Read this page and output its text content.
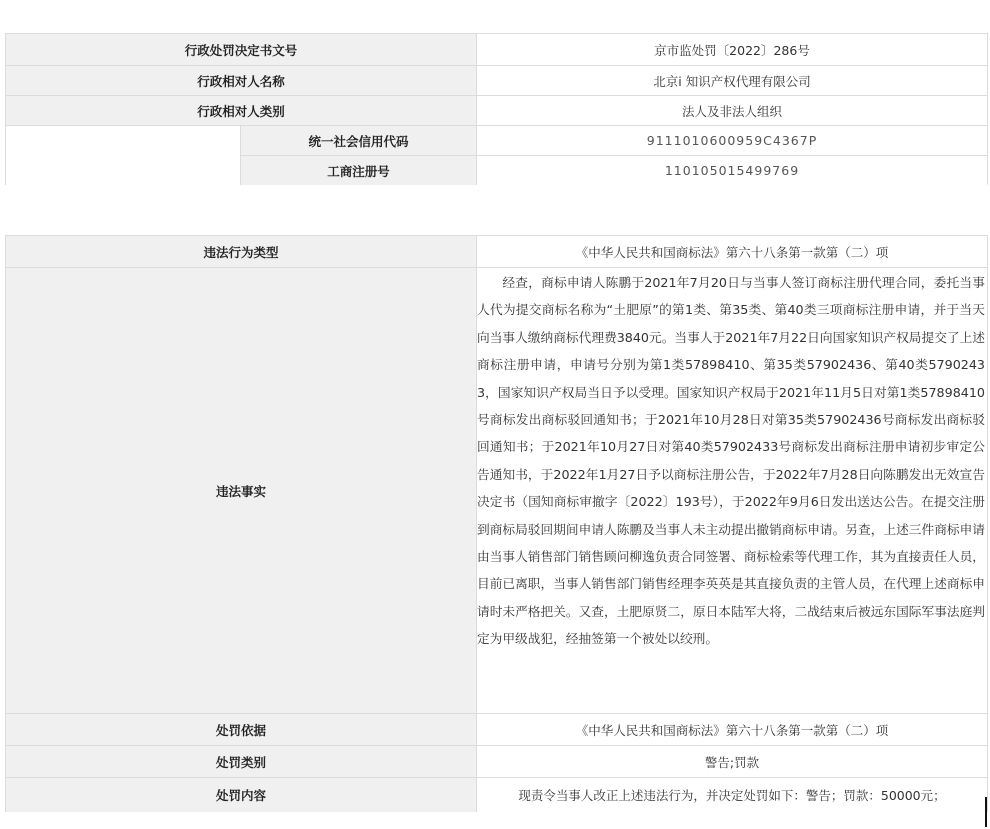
行政处罚决定书文号		京市监处罚〔2022〕286号
行政相对人名称		北京i 知识产权代理有限公司
行政相对人类别		法人及非法人组织
	统一社会信用代码	9111010600959C4367P
	工商注册号	110105015499769
违法行为类型	《中华人民共和国商标法》第六十八条第一款第（二）项
违法事实	经查，商标申请人陈鹏于2021年7月20日与当事人签订商标注册代理合同，委托当事人代为提交商标名称为“土肥原”的第1类、第35类、第40类三项商标注册申请，并于当天向当事人缴纳商标代理费3840元。当事人于2021年7月22日向国家知识产权局提交了上述商标注册申请，申请号分别为第1类57898410、第35类57902436、第40类57902433，国家知识产权局当日予以受理。国家知识产权局于2021年11月5日对第1类57898410号商标发出商标驳回通知书；于2021年10月28日对第35类57902436号商标发出商标驳回通知书；于2021年10月27日对第40类57902433号商标发出商标注册申请初步审定公告通知书，于2022年1月27日予以商标注册公告，于2022年7月28日向陈鹏发出无效宣告决定书（国知商标审撤字〔2022〕193号），于2022年9月6日发出送达公告。在提交注册到商标局驳回期间申请人陈鹏及当事人未主动提出撤销商标申请。另查，上述三件商标申请由当事人销售部门销售顾问柳逸负责合同签署、商标检索等代理工作，其为直接责任人员，目前已离职，当事人销售部门销售经理李英英是其直接负责的主管人员，在代理上述商标申请时未严格把关。又查，土肥原贤二，原日本陆军大将，二战结束后被远东国际军事法庭判定为甲级战犯，经抽签第一个被处以绞刑。

处罚依据	《中华人民共和国商标法》第六十八条第一款第（二）项
处罚类别	警告;罚款
处罚内容	现责令当事人改正上述违法行为，并决定处罚如下：警告；罚款：50000元；
